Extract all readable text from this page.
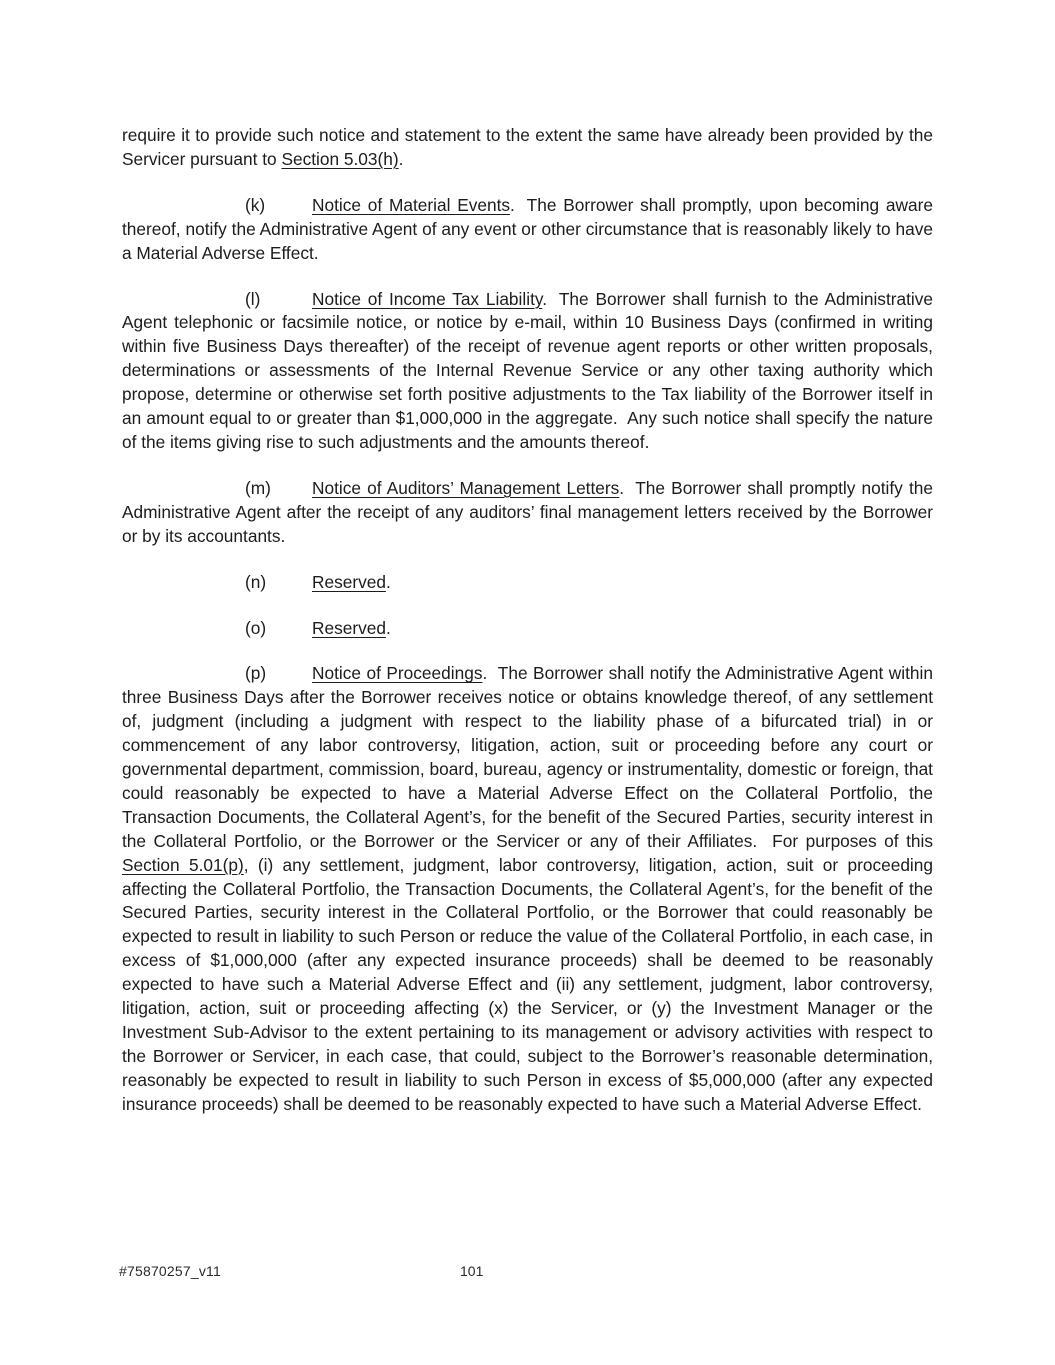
require it to provide such notice and statement to the extent the same have already been provided by the Servicer pursuant to Section 5.03(h).

(k)	Notice of Material Events. The Borrower shall promptly, upon becoming aware thereof, notify the Administrative Agent of any event or other circumstance that is reasonably likely to have a Material Adverse Effect.

(l)	Notice of Income Tax Liability. The Borrower shall furnish to the Administrative Agent telephonic or facsimile notice, or notice by e-mail, within 10 Business Days (confirmed in writing within five Business Days thereafter) of the receipt of revenue agent reports or other written proposals, determinations or assessments of the Internal Revenue Service or any other taxing authority which propose, determine or otherwise set forth positive adjustments to the Tax liability of the Borrower itself in an amount equal to or greater than $1,000,000 in the aggregate.  Any such notice shall specify the nature of the items giving rise to such adjustments and the amounts thereof.

(m) Notice of Auditors’ Management Letters. The Borrower shall promptly notify the Administrative Agent after the receipt of any auditors’ final management letters received by the Borrower or by its accountants.

(n)	Reserved.

(o)	Reserved.

(p)	Notice of Proceedings. The Borrower shall notify the Administrative Agent within three Business Days after the Borrower receives notice or obtains knowledge thereof, of any settlement of, judgment (including a judgment with respect to the liability phase of a bifurcated trial) in or commencement of any labor controversy, litigation, action, suit or proceeding before any court or governmental department, commission, board, bureau, agency or instrumentality, domestic or foreign, that could reasonably be expected to have a Material Adverse Effect on the Collateral Portfolio, the Transaction Documents, the Collateral Agent’s, for the benefit of the Secured Parties, security interest in the Collateral Portfolio, or the Borrower or the Servicer or any of their Affiliates.  For purposes of this Section 5.01(p), (i) any settlement, judgment, labor controversy, litigation, action, suit or proceeding affecting the Collateral Portfolio, the Transaction Documents, the Collateral Agent’s, for the benefit of the Secured Parties, security interest in the Collateral Portfolio, or the Borrower that could reasonably be expected to result in liability to such Person or reduce the value of the Collateral Portfolio, in each case, in excess of $1,000,000 (after any expected insurance proceeds) shall be deemed to be reasonably expected to have such a Material Adverse Effect and (ii) any settlement, judgment, labor controversy, litigation, action, suit or proceeding affecting (x) the Servicer, or (y) the Investment Manager or the Investment Sub-Advisor to the extent pertaining to its management or advisory activities with respect to the Borrower or Servicer, in each case, that could, subject to the Borrower’s reasonable determination, reasonably be expected to result in liability to such Person in excess of $5,000,000 (after any expected insurance proceeds) shall be deemed to be reasonably expected to have such a Material Adverse Effect.

#75870257_v11	101
